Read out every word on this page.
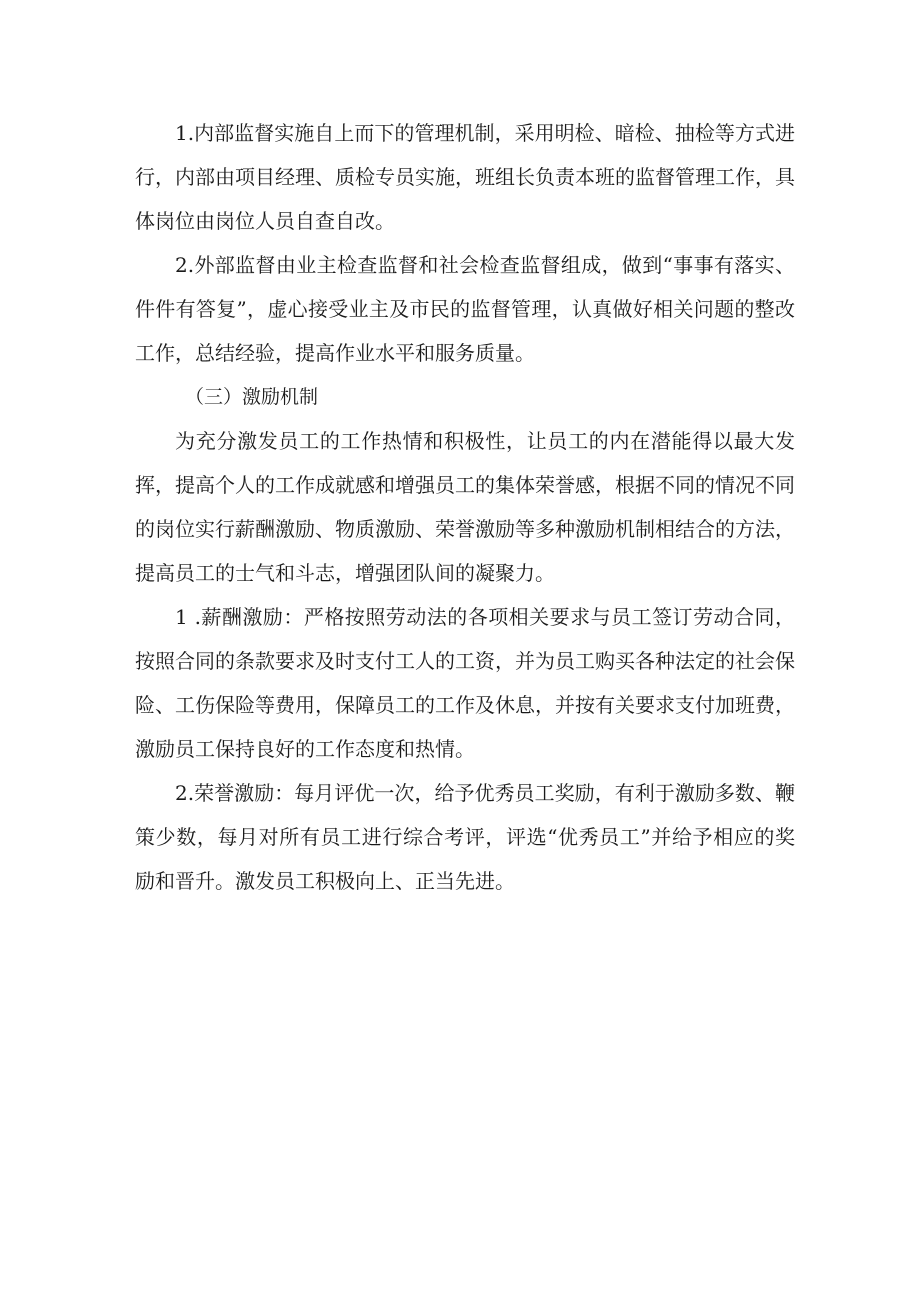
1.内部监督实施自上而下的管理机制，采用明检、暗检、抽检等方式进行，内部由项目经理、质检专员实施，班组长负责本班的监督管理工作，具体岗位由岗位人员自查自改。

2.外部监督由业主检查监督和社会检查监督组成，做到“事事有落实、件件有答复”，虚心接受业主及市民的监督管理，认真做好相关问题的整改工作，总结经验，提高作业水平和服务质量。

（三）激励机制

为充分激发员工的工作热情和积极性，让员工的内在潜能得以最大发挥，提高个人的工作成就感和增强员工的集体荣誉感，根据不同的情况不同的岗位实行薪酬激励、物质激励、荣誉激励等多种激励机制相结合的方法，提高员工的士气和斗志，增强团队间的凝聚力。

1 .薪酬激励：严格按照劳动法的各项相关要求与员工签订劳动合同，按照合同的条款要求及时支付工人的工资，并为员工购买各种法定的社会保险、工伤保险等费用，保障员工的工作及休息，并按有关要求支付加班费，激励员工保持良好的工作态度和热情。

2.荣誉激励：每月评优一次，给予优秀员工奖励，有利于激励多数、鞭策少数，每月对所有员工进行综合考评，评选“优秀员工”并给予相应的奖励和晋升。激发员工积极向上、正当先进。
